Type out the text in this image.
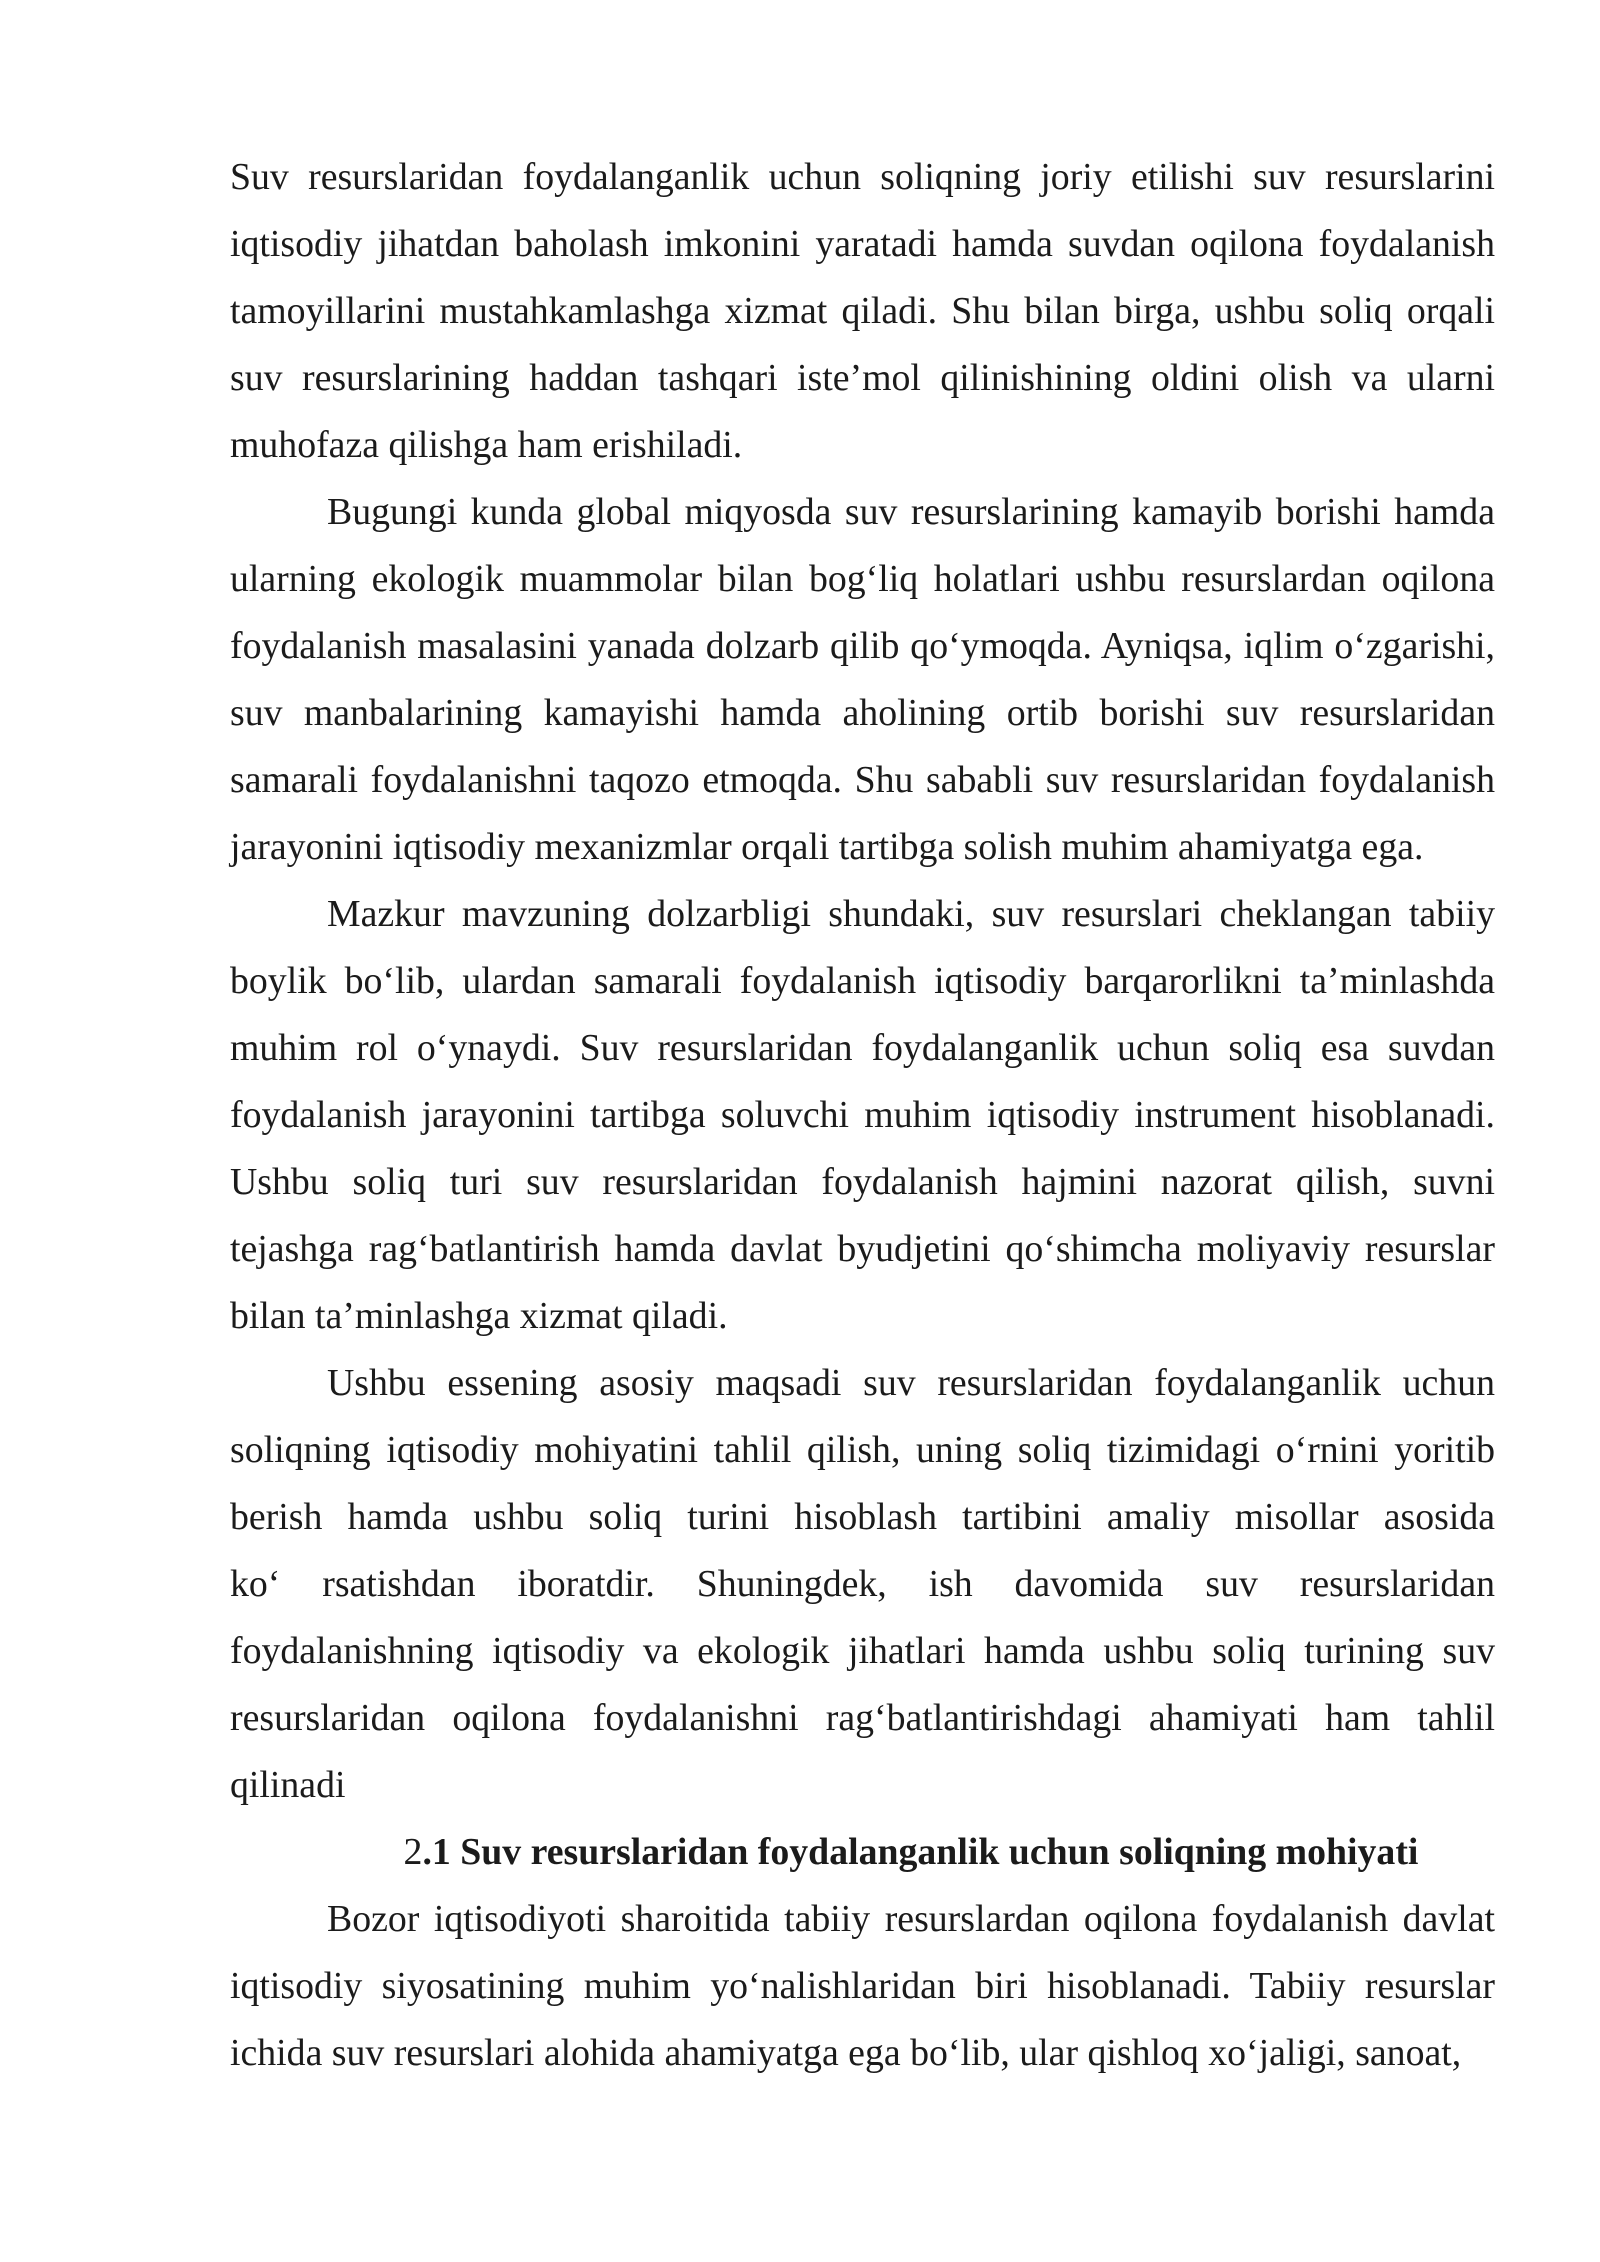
Suv resurslaridan foydalanganlik uchun soliqning joriy etilishi suv resurslarini
iqtisodiy jihatdan baholash imkonini yaratadi hamda suvdan oqilona foydalanish
tamoyillarini mustahkamlashga xizmat qiladi. Shu bilan birga, ushbu soliq orqali
suv resurslarining haddan tashqari iste’mol qilinishining oldini olish va ularni
muhofaza qilishga ham erishiladi.
Bugungi kunda global miqyosda suv resurslarining kamayib borishi hamda
ularning ekologik muammolar bilan bog‘liq holatlari ushbu resurslardan oqilona
foydalanish masalasini yanada dolzarb qilib qo‘ymoqda. Ayniqsa, iqlim o‘zgarishi,
suv manbalarining kamayishi hamda aholining ortib borishi suv resurslaridan
samarali foydalanishni taqozo etmoqda. Shu sababli suv resurslaridan foydalanish
jarayonini iqtisodiy mexanizmlar orqali tartibga solish muhim ahamiyatga ega.
Mazkur mavzuning dolzarbligi shundaki, suv resurslari cheklangan tabiiy
boylik bo‘lib, ulardan samarali foydalanish iqtisodiy barqarorlikni ta’minlashda
muhim rol o‘ynaydi. Suv resurslaridan foydalanganlik uchun soliq esa suvdan
foydalanish jarayonini tartibga soluvchi muhim iqtisodiy instrument hisoblanadi.
Ushbu soliq turi suv resurslaridan foydalanish hajmini nazorat qilish, suvni
tejashga rag‘batlantirish hamda davlat byudjetini qo‘shimcha moliyaviy resurslar
bilan ta’minlashga xizmat qiladi.
Ushbu essening asosiy maqsadi suv resurslaridan foydalanganlik uchun
soliqning iqtisodiy mohiyatini tahlil qilish, uning soliq tizimidagi o‘rnini yoritib
berish hamda ushbu soliq turini hisoblash tartibini amaliy misollar asosida
ko‘ rsatishdan iboratdir. Shuningdek, ish davomida suv resurslaridan
foydalanishning iqtisodiy va ekologik jihatlari hamda ushbu soliq turining suv
resurslaridan oqilona foydalanishni rag‘batlantirishdagi ahamiyati ham tahlil
qilinadi
2.1 Suv resurslaridan foydalanganlik uchun soliqning mohiyati
Bozor iqtisodiyoti sharoitida tabiiy resurslardan oqilona foydalanish davlat
iqtisodiy siyosatining muhim yo‘nalishlaridan biri hisoblanadi. Tabiiy resurslar
ichida suv resurslari alohida ahamiyatga ega bo‘lib, ular qishloq xo‘jaligi, sanoat,
